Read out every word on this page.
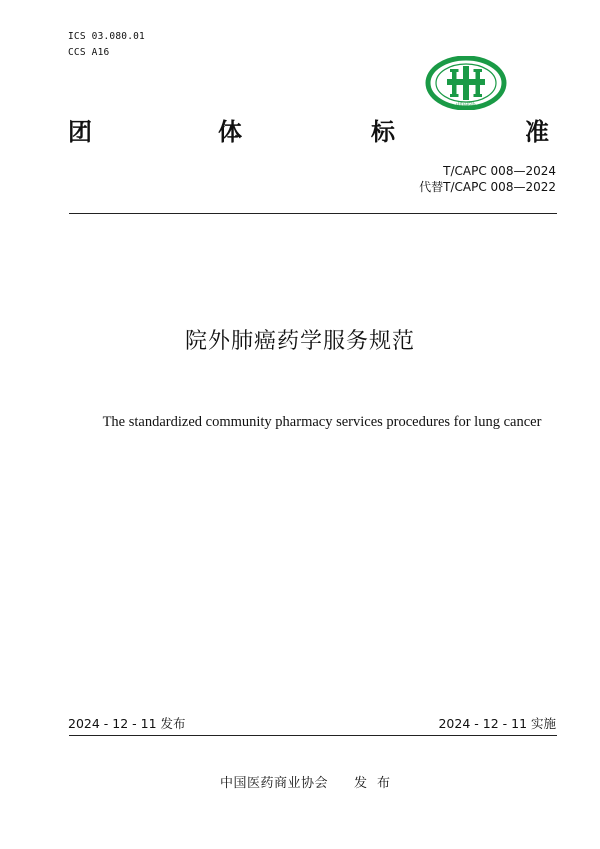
ICS 03.080.01
CCS A16
中国药协
团	体	标	准
T/CAPC 008—2024
代替T/CAPC 008—2022
院外肺癌药学服务规范
The standardized community pharmacy services procedures for lung cancer
2024 - 12 - 11 发布	2024 - 12 - 11 实施
中国医药商业协会 发布
